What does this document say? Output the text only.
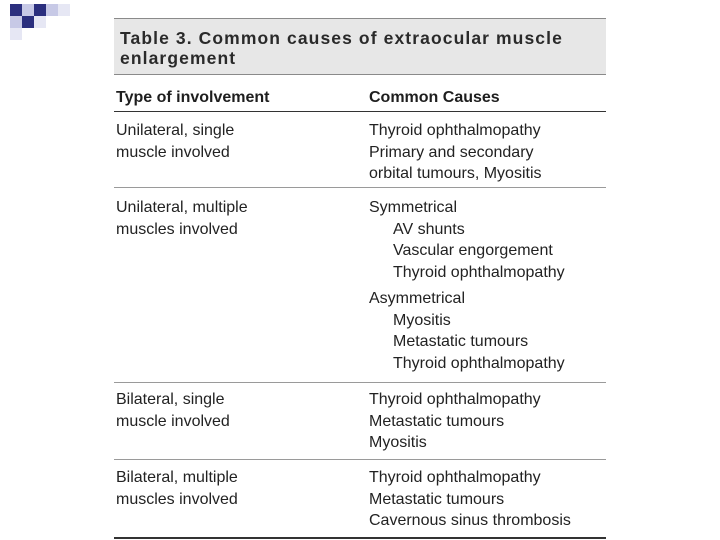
Table 3. Common causes of extraocular muscle
enlargement

Type of involvement	Common Causes
Unilateral, single
muscle involved
Thyroid ophthalmopathy
Primary and secondary
orbital tumours, Myositis
Unilateral, multiple
muscles involved
Symmetrical
AV shunts
Vascular engorgement
Thyroid ophthalmopathy
Asymmetrical
Myositis
Metastatic tumours
Thyroid ophthalmopathy
Bilateral, single
muscle involved
Thyroid ophthalmopathy
Metastatic tumours
Myositis
Bilateral, multiple
muscles involved
Thyroid ophthalmopathy
Metastatic tumours
Cavernous sinus thrombosis
